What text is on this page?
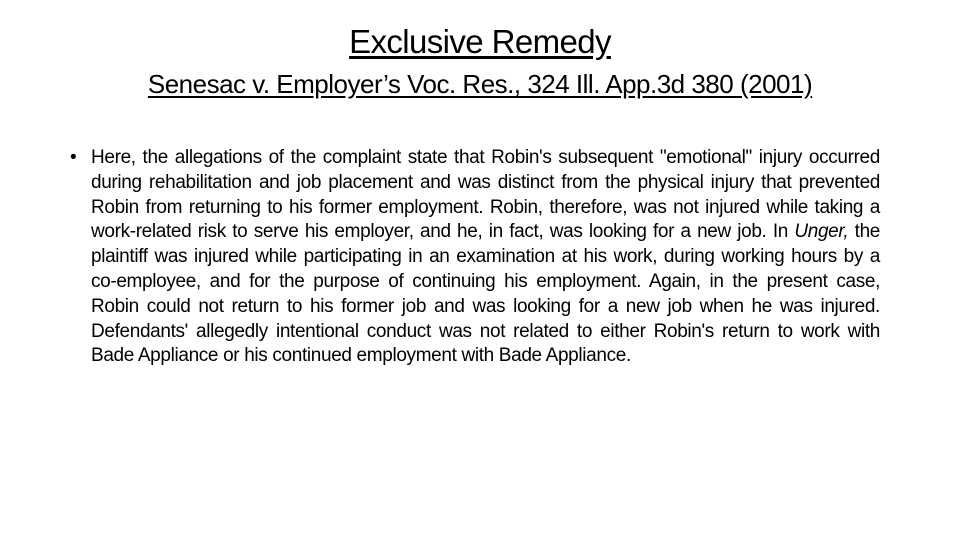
Exclusive Remedy
Senesac v. Employer’s Voc. Res., 324 Ill. App.3d 380 (2001)
• Here, the allegations of the complaint state that Robin's subsequent "emotional" injury occurred during rehabilitation and job placement and was distinct from the physical injury that prevented Robin from returning to his former employment. Robin, therefore, was not injured while taking a work-related risk to serve his employer, and he, in fact, was looking for a new job. In Unger, the plaintiff was injured while participating in an examination at his work, during working hours by a co-employee, and for the purpose of continuing his employment. Again, in the present case, Robin could not return to his former job and was looking for a new job when he was injured. Defendants' allegedly intentional conduct was not related to either Robin's return to work with Bade Appliance or his continued employment with Bade Appliance.
